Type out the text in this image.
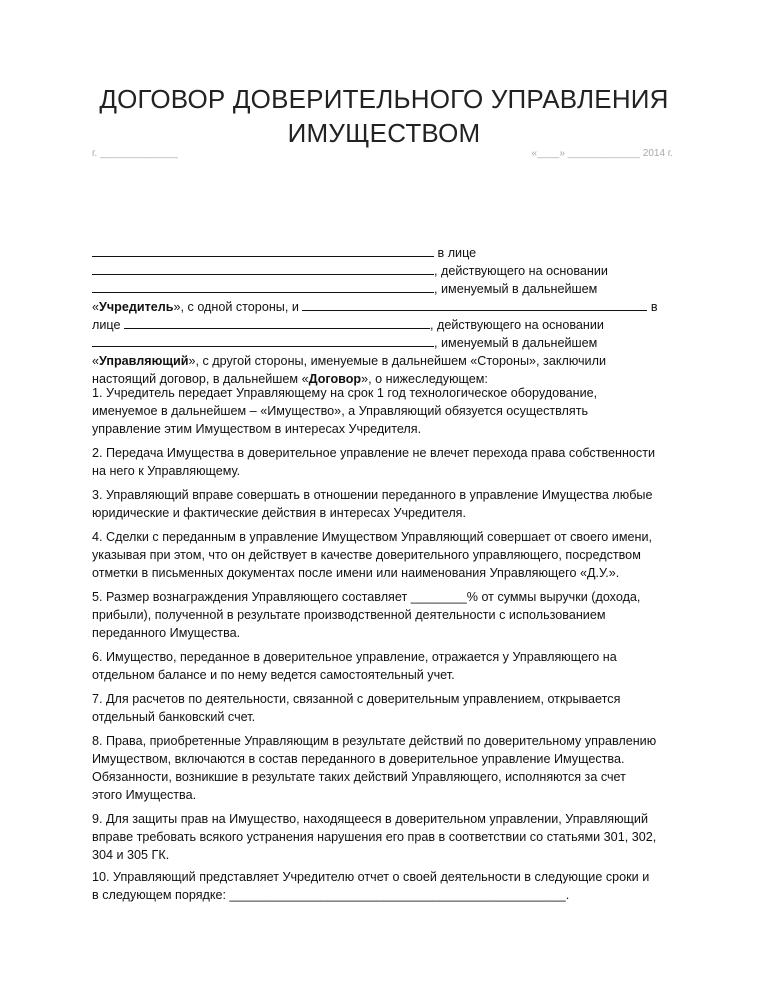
ДОГОВОР ДОВЕРИТЕЛЬНОГО УПРАВЛЕНИЯ
ИМУЩЕСТВОМ
г. ______________	«____» _____________ 2014 г.
в лице
, действующего на основании
, именуемый в дальнейшем
«Учредитель», с одной стороны, и	в
лице	, действующего на основании
, именуемый в дальнейшем
«Управляющий», с другой стороны, именуемые в дальнейшем «Стороны», заключили
настоящий договор, в дальнейшем «Договор», о нижеследующем:
1. Учредитель передает Управляющему на срок 1 год технологическое оборудование,
именуемое в дальнейшем – «Имущество», а Управляющий обязуется осуществлять
управление этим Имуществом в интересах Учредителя.
2. Передача Имущества в доверительное управление не влечет перехода права собственности
на него к Управляющему.
3. Управляющий вправе совершать в отношении переданного в управление Имущества любые
юридические и фактические действия в интересах Учредителя.
4. Сделки с переданным в управление Имуществом Управляющий совершает от своего имени,
указывая при этом, что он действует в качестве доверительного управляющего, посредством
отметки в письменных документах после имени или наименования Управляющего «Д.У.».
5. Размер вознаграждения Управляющего составляет ________% от суммы выручки (дохода,
прибыли), полученной в результате производственной деятельности с использованием
переданного Имущества.
6. Имущество, переданное в доверительное управление, отражается у Управляющего на
отдельном балансе и по нему ведется самостоятельный учет.
7. Для расчетов по деятельности, связанной с доверительным управлением, открывается
отдельный банковский счет.
8. Права, приобретенные Управляющим в результате действий по доверительному управлению
Имуществом, включаются в состав переданного в доверительное управление Имущества.
Обязанности, возникшие в результате таких действий Управляющего, исполняются за счет
этого Имущества.
9. Для защиты прав на Имущество, находящееся в доверительном управлении, Управляющий
вправе требовать всякого устранения нарушения его прав в соответствии со статьями 301, 302,
304 и 305 ГК.
10. Управляющий представляет Учредителю отчет о своей деятельности в следующие сроки и
в следующем порядке: ________________________________________________.
